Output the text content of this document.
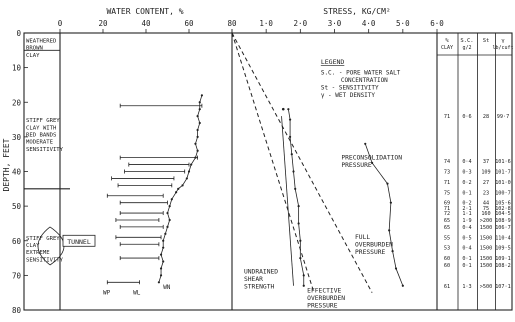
WATER CONTENT, %	STRESS, KG/CM²
DEPTH, FEET
0	20	40	60	80	1·0	2·0	3·0	4·0	5·0	6·0
0
10
20
30
40
50
60
70
80
WEATHERED
BROWN
CLAY
STIFF GREY
CLAY WITH
RED BANDS
MODERATE
SENSITIVITY
STIFF GREY
CLAY
EXTREME
SENSITIVITY
TUNNEL
WP	WL
WN
PRECONSOLIDATION
PRESSURE
FULL
OVERBURDEN
PRESSURE
EFFECTIVE
OVERBURDEN
PRESSURE
UNDRAINED
SHEAR
STRENGTH
LEGEND
S.C. - PORE WATER SALT
CONCENTRATION
St - SENSITIVITY
γ - WET DENSITY
%
CLAY
S.C.
g/2
St γ
lb/cuft
71 0·6 28 99·7
74 0·4 37 101·6
73 0·3 109 101·7
71 0·2 27 101·0
75 0·1 23 100·7
69 0·2 44 105·6
71 2·1 75 102·8
72 1·1 160 104·5
65 1·9 >200 108·9
65 0·4 1500 106·7
55 0·5 1500 110·4
53 0·4 1500 109·5
60 0·1 1500 109·1
60 0·1 1500 108·2
61 1·3 >500 107·1
